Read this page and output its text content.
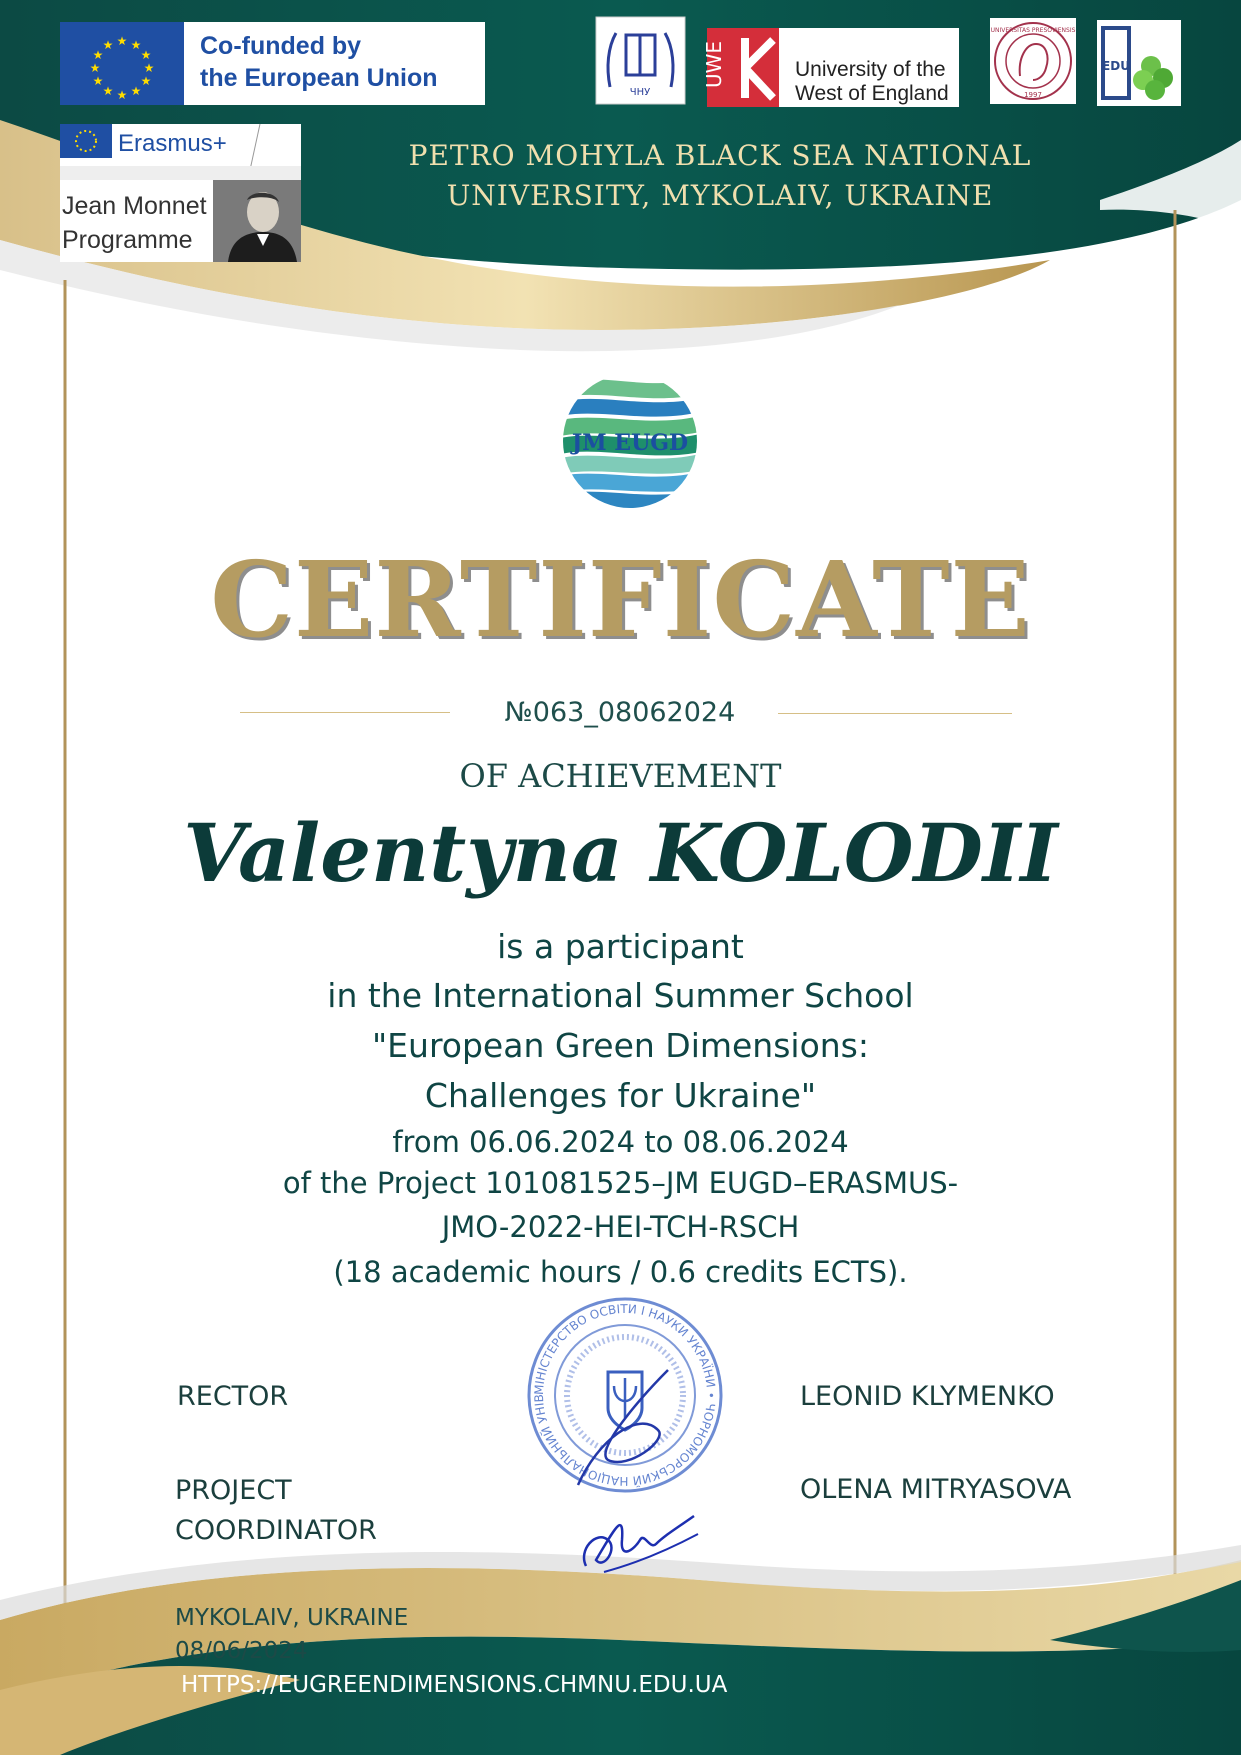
★ ★
★
★
★
★
★
★
★
★
★
★	Co-funded by
the European Union
Erasmus+
Jean Monnet
Programme
ЧНУ
UWE	University of the
West of England
UNIVERSITAS PRESOVIENSIS
1997
EDU
PETRO MOHYLA BLACK SEA NATIONAL
UNIVERSITY, MYKOLAIV, UKRAINE
JM EUGD
CERTIFICATE
№063_08062024
OF ACHIEVEMENT
Valentyna KOLODII
is a participant
in the International Summer School
"European Green Dimensions:
Challenges for Ukraine"
from 06.06.2024 to 08.06.2024
of the Project 101081525–JM EUGD–ERASMUS-
JMO-2022-HEI-TCH-RSCH
(18 academic hours / 0.6 credits ECTS).
МІНІСТЕРСТВО ОСВІТИ І НАУКИ УКРАЇНИ • ЧОРНОМОРСЬКИЙ НАЦІОНАЛЬНИЙ УНІВ
RECTOR
PROJECT
COORDINATOR
LEONID KLYMENKO
OLENA MITRYASOVA
MYKOLAIV, UKRAINE
08/06/2024
HTTPS://EUGREENDIMENSIONS.CHMNU.EDU.UA
